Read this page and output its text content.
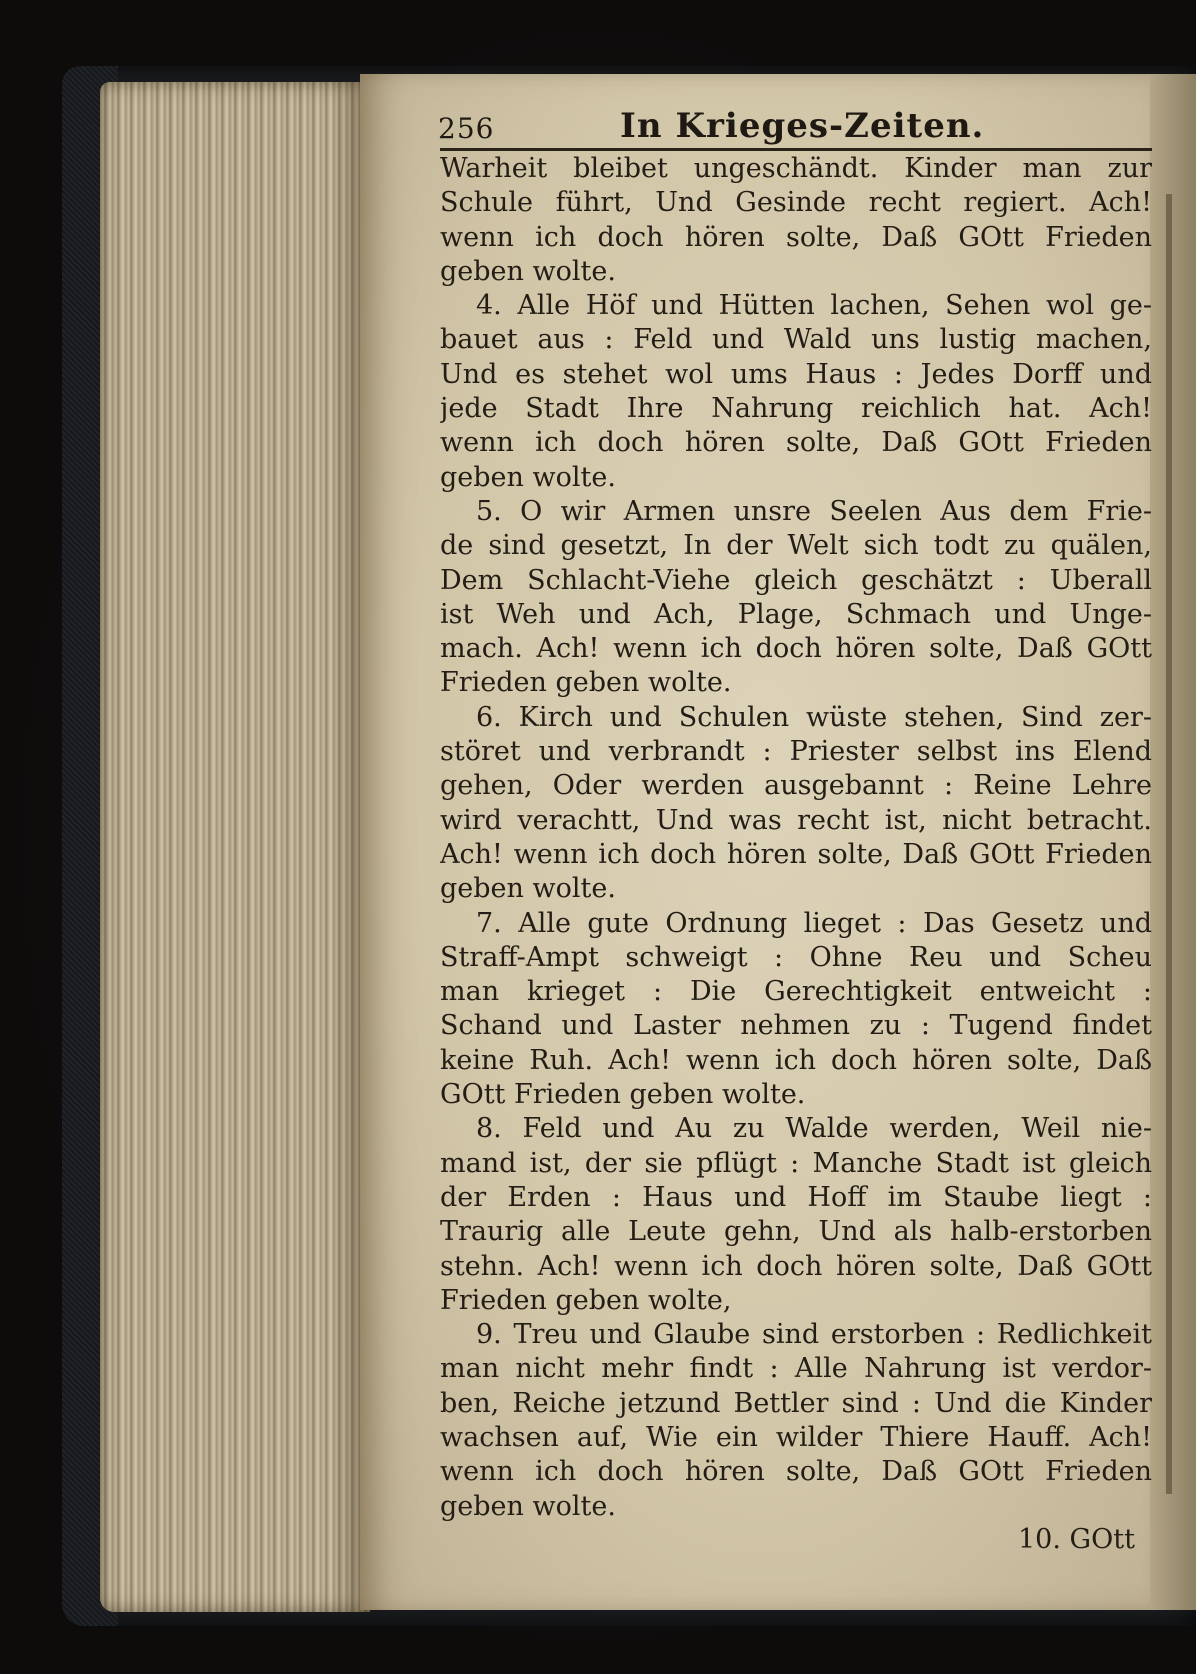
256	In Krieges-Zeiten.
Warheit bleibet ungeschändt. Kinder man zur
Schule führt, Und Gesinde recht regiert. Ach!
wenn ich doch hören solte, Daß GOtt Frieden
geben wolte.
4. Alle Höf und Hütten lachen, Sehen wol ge-
bauet aus : Feld und Wald uns lustig machen,
Und es stehet wol ums Haus : Jedes Dorff und
jede Stadt Ihre Nahrung reichlich hat. Ach!
wenn ich doch hören solte, Daß GOtt Frieden
geben wolte.
5. O wir Armen unsre Seelen Aus dem Frie-
de sind gesetzt, In der Welt sich todt zu quälen,
Dem Schlacht-Viehe gleich geschätzt : Uberall
ist Weh und Ach, Plage, Schmach und Unge-
mach. Ach! wenn ich doch hören solte, Daß GOtt
Frieden geben wolte.
6. Kirch und Schulen wüste stehen, Sind zer-
störet und verbrandt : Priester selbst ins Elend
gehen, Oder werden ausgebannt : Reine Lehre
wird verachtt, Und was recht ist, nicht betracht.
Ach! wenn ich doch hören solte, Daß GOtt Frieden
geben wolte.
7. Alle gute Ordnung lieget : Das Gesetz und
Straff-Ampt schweigt : Ohne Reu und Scheu
man krieget : Die Gerechtigkeit entweicht :
Schand und Laster nehmen zu : Tugend findet
keine Ruh. Ach! wenn ich doch hören solte, Daß
GOtt Frieden geben wolte.
8. Feld und Au zu Walde werden, Weil nie-
mand ist, der sie pflügt : Manche Stadt ist gleich
der Erden : Haus und Hoff im Staube liegt :
Traurig alle Leute gehn, Und als halb-erstorben
stehn. Ach! wenn ich doch hören solte, Daß GOtt
Frieden geben wolte,
9. Treu und Glaube sind erstorben : Redlichkeit
man nicht mehr findt : Alle Nahrung ist verdor-
ben, Reiche jetzund Bettler sind : Und die Kinder
wachsen auf, Wie ein wilder Thiere Hauff. Ach!
wenn ich doch hören solte, Daß GOtt Frieden
geben wolte.
10. GOtt
